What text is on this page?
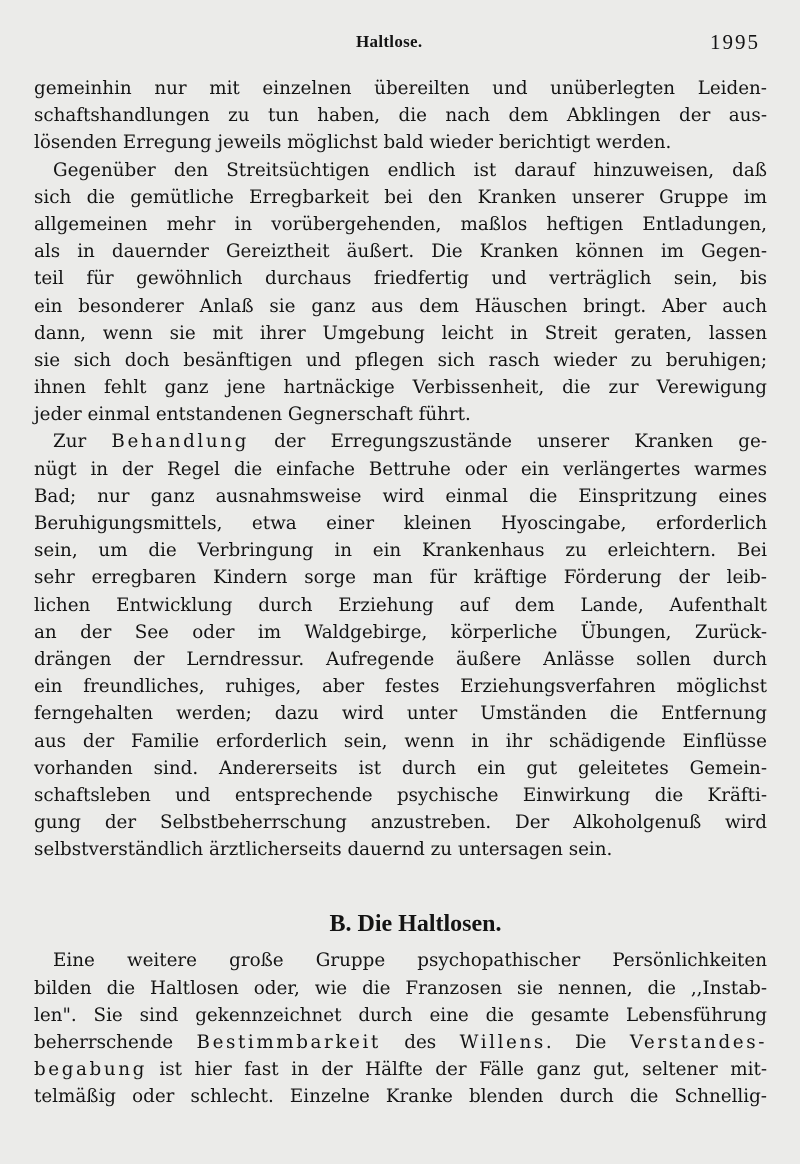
Haltlose.	1995
gemeinhin nur mit einzelnen übereilten und unüberlegten Leiden-
schaftshandlungen zu tun haben, die nach dem Abklingen der aus-
lösenden Erregung jeweils möglichst bald wieder berichtigt werden.
Gegenüber den Streitsüchtigen endlich ist darauf hinzuweisen, daß
sich die gemütliche Erregbarkeit bei den Kranken unserer Gruppe im
allgemeinen mehr in vorübergehenden, maßlos heftigen Entladungen,
als in dauernder Gereiztheit äußert. Die Kranken können im Gegen-
teil für gewöhnlich durchaus friedfertig und verträglich sein, bis
ein besonderer Anlaß sie ganz aus dem Häuschen bringt. Aber auch
dann, wenn sie mit ihrer Umgebung leicht in Streit geraten, lassen
sie sich doch besänftigen und pflegen sich rasch wieder zu beruhigen;
ihnen fehlt ganz jene hartnäckige Verbissenheit, die zur Verewigung
jeder einmal entstandenen Gegnerschaft führt.
Zur Behandlung der Erregungszustände unserer Kranken ge-
nügt in der Regel die einfache Bettruhe oder ein verlängertes warmes
Bad; nur ganz ausnahmsweise wird einmal die Einspritzung eines
Beruhigungsmittels, etwa einer kleinen Hyoscingabe, erforderlich
sein, um die Verbringung in ein Krankenhaus zu erleichtern. Bei
sehr erregbaren Kindern sorge man für kräftige Förderung der leib-
lichen Entwicklung durch Erziehung auf dem Lande, Aufenthalt
an der See oder im Waldgebirge, körperliche Übungen, Zurück-
drängen der Lerndressur. Aufregende äußere Anlässe sollen durch
ein freundliches, ruhiges, aber festes Erziehungsverfahren möglichst
ferngehalten werden; dazu wird unter Umständen die Entfernung
aus der Familie erforderlich sein, wenn in ihr schädigende Einflüsse
vorhanden sind. Andererseits ist durch ein gut geleitetes Gemein-
schaftsleben und entsprechende psychische Einwirkung die Kräfti-
gung der Selbstbeherrschung anzustreben. Der Alkoholgenuß wird
selbstverständlich ärztlicherseits dauernd zu untersagen sein.
B. Die Haltlosen.
Eine weitere große Gruppe psychopathischer Persönlichkeiten
bilden die Haltlosen oder, wie die Franzosen sie nennen, die ,,Instab-
len". Sie sind gekennzeichnet durch eine die gesamte Lebensführung
beherrschende Bestimmbarkeit des Willens. Die Verstandes-
begabung ist hier fast in der Hälfte der Fälle ganz gut, seltener mit-
telmäßig oder schlecht. Einzelne Kranke blenden durch die Schnellig-
